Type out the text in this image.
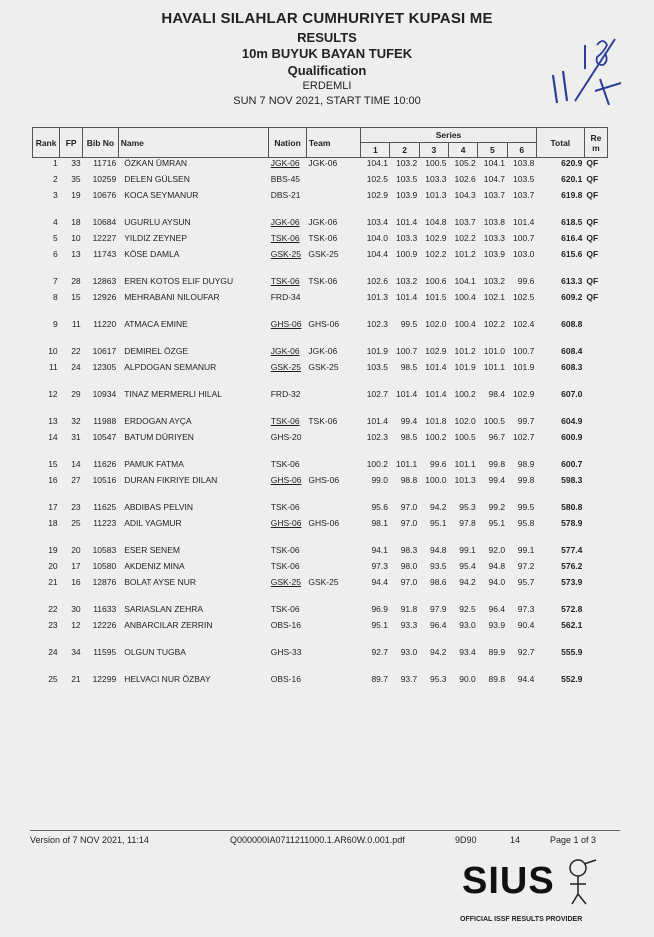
HAVALI SILAHLAR CUMHURIYET KUPASI ME
RESULTS
10m BUYUK BAYAN TUFEK
Qualification
ERDEMLI
SUN 7 NOV 2021, START TIME 10:00
Rank	FP	Bib No	Name	Nation	Team	Series						Total	Re m
						1	2	3	4	5	6		
1	33	11716	ÖZKAN ÜMRAN	JGK-06	JGK-06	104.1	103.2	100.5	105.2	104.1	103.8	620.9	QF
2	35	10259	DELEN GÜLSEN	BBS-45		102.5	103.5	103.3	102.6	104.7	103.5	620.1	QF
3	19	10676	KOCA SEYMANUR	DBS-21		102.9	103.9	101.3	104.3	103.7	103.7	619.8	QF
4	18	10684	UGURLU AYSUN	JGK-06	JGK-06	103.4	101.4	104.8	103.7	103.8	101.4	618.5	QF
5	10	12227	YILDIZ ZEYNEP	TSK-06	TSK-06	104.0	103.3	102.9	102.2	103.3	100.7	616.4	QF
6	13	11743	KÖSE DAMLA	GSK-25	GSK-25	104.4	100.9	102.2	101.2	103.9	103.0	615.6	QF
7	28	12863	EREN KOTOS ELIF DUYGU	TSK-06	TSK-06	102.6	103.2	100.6	104.1	103.2	99.6	613.3	QF
8	15	12926	MEHRABANI NILOUFAR	FRD-34		101.3	101.4	101.5	100.4	102.1	102.5	609.2	QF
9	11	11220	ATMACA EMINE	GHS-06	GHS-06	102.3	99.5	102.0	100.4	102.2	102.4	608.8	
10	22	10617	DEMIREL ÖZGE	JGK-06	JGK-06	101.9	100.7	102.9	101.2	101.0	100.7	608.4	
11	24	12305	ALPDOGAN SEMANUR	GSK-25	GSK-25	103.5	98.5	101.4	101.9	101.1	101.9	608.3	
12	29	10934	TINAZ MERMERLI HILAL	FRD-32		102.7	101.4	101.4	100.2	98.4	102.9	607.0	
13	32	11988	ERDOGAN AYÇA	TSK-06	TSK-06	101.4	99.4	101.8	102.0	100.5	99.7	604.9	
14	31	10547	BATUM DÜRIYEN	GHS-20		102.3	98.5	100.2	100.5	96.7	102.7	600.9	
15	14	11626	PAMUK FATMA	TSK-06		100.2	101.1	99.6	101.1	99.8	98.9	600.7	
16	27	10516	DURAN FIKRIYE DILAN	GHS-06	GHS-06	99.0	98.8	100.0	101.3	99.4	99.8	598.3	
17	23	11625	ABDIBAS PELVIN	TSK-06		95.6	97.0	94.2	95.3	99.2	99.5	580.8	
18	25	11223	ADIL YAGMUR	GHS-06	GHS-06	98.1	97.0	95.1	97.8	95.1	95.8	578.9	
19	20	10583	ESER SENEM	TSK-06		94.1	98.3	94.8	99.1	92.0	99.1	577.4	
20	17	10580	AKDENIZ MINA	TSK-06		97.3	98.0	93.5	95.4	94.8	97.2	576.2	
21	16	12876	BOLAT AYSE NUR	GSK-25	GSK-25	94.4	97.0	98.6	94.2	94.0	95.7	573.9	
22	30	11633	SARIASLAN ZEHRA	TSK-06		96.9	91.8	97.9	92.5	96.4	97.3	572.8	
23	12	12226	ANBARCILAR ZERRIN	OBS-16		95.1	93.3	96.4	93.0	93.9	90.4	562.1	
24	34	11595	OLGUN TUGBA	GHS-33		92.7	93.0	94.2	93.4	89.9	92.7	555.9	
25	21	12299	HELVACI NUR ÖZBAY	OBS-16		89.7	93.7	95.3	90.0	89.8	94.4	552.9	
Version of 7 NOV 2021, 11:14	Q000000IA0711211000.1.AR60W.0.001.pdf	9D90	14	Page 1 of 3
SIUS
OFFICIAL ISSF RESULTS PROVIDER
